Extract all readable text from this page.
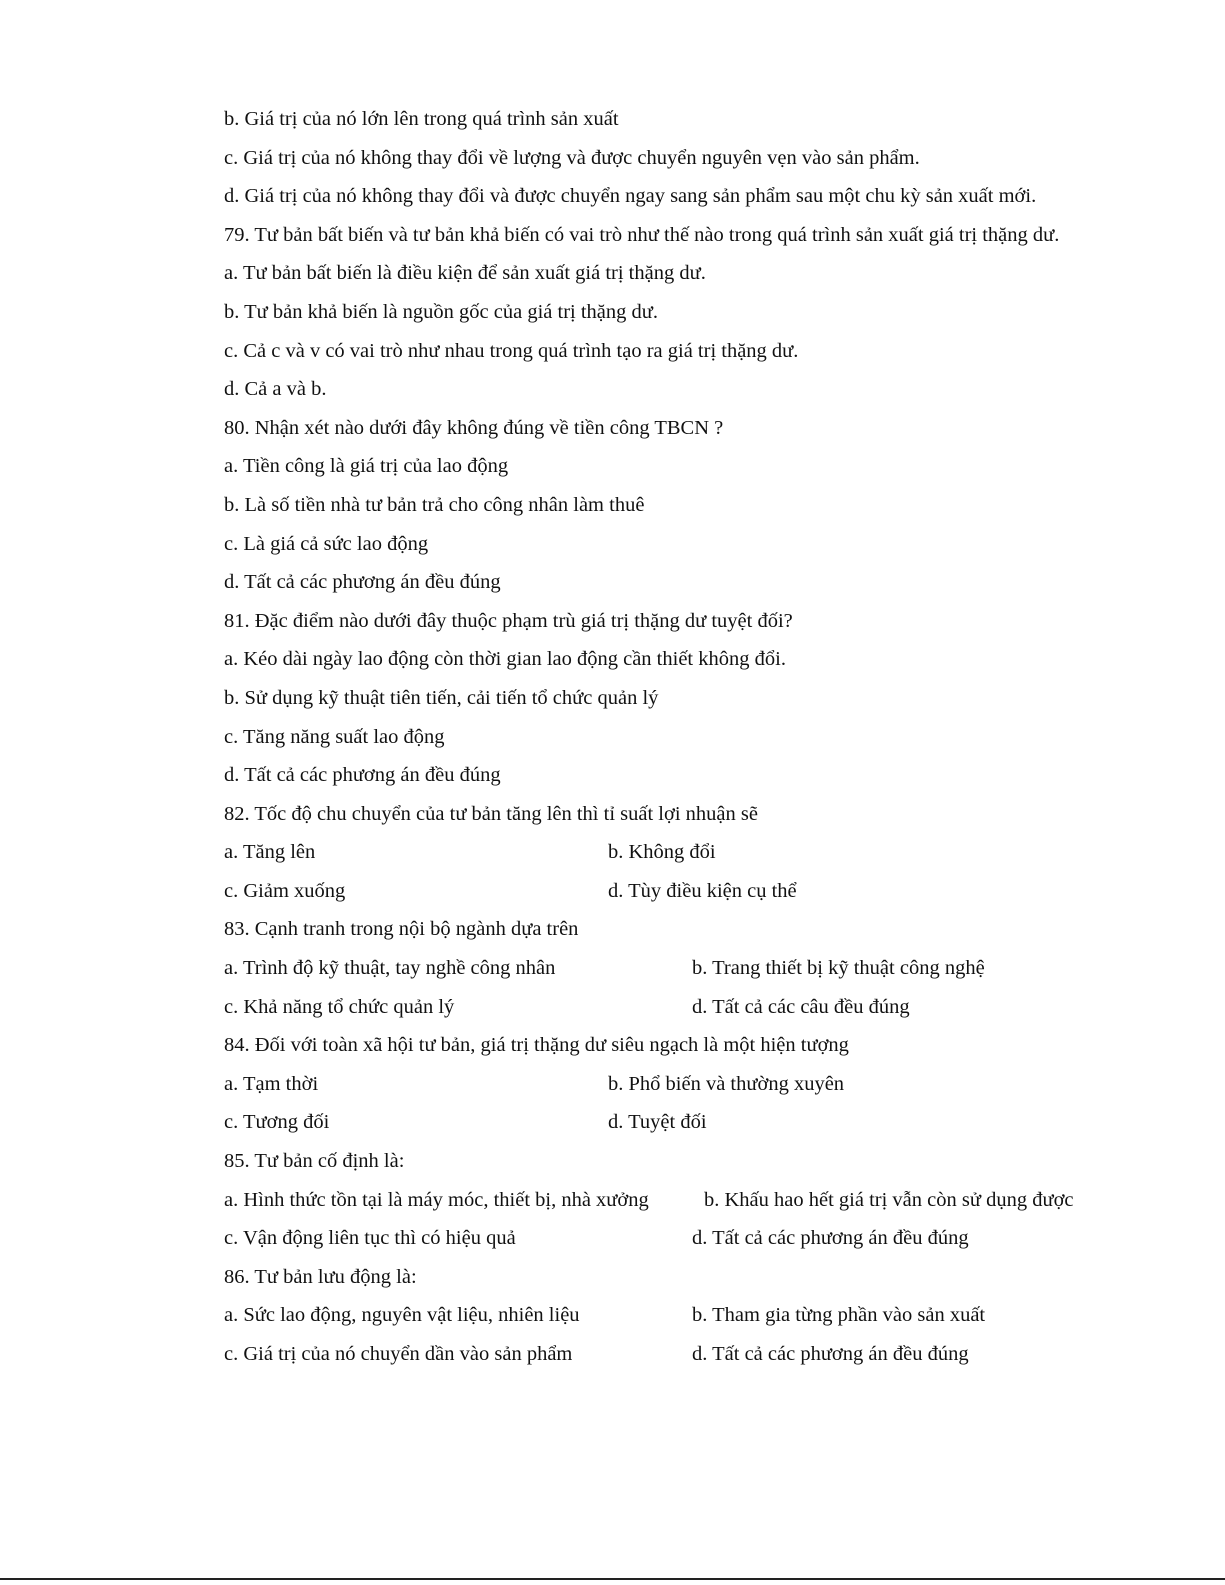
b. Giá trị của nó lớn lên trong quá trình sản xuất
c. Giá trị của nó không thay đổi về lượng và được chuyển nguyên vẹn vào sản phẩm.
d. Giá trị của nó không thay đổi và được chuyển ngay sang sản phẩm sau một chu kỳ sản xuất mới.
79. Tư bản bất biến và tư bản khả biến có vai trò như thế nào trong quá trình sản xuất giá trị thặng dư.
a. Tư bản bất biến là điều kiện để sản xuất giá trị thặng dư.
b. Tư bản khả biến là nguồn gốc của giá trị thặng dư.
c. Cả c và v có vai trò như nhau trong quá trình tạo ra giá trị thặng dư.
d. Cả a và b.
80. Nhận xét nào dưới đây không đúng về tiền công TBCN ?
a. Tiền công là giá trị của lao động
b. Là số tiền nhà tư bản trả cho công nhân làm thuê
c. Là giá cả sức lao động
d. Tất cả các phương án đều đúng
81. Đặc điểm nào dưới đây thuộc phạm trù giá trị thặng dư tuyệt đối?
a. Kéo dài ngày lao động còn thời gian lao động cần thiết không đổi.
b. Sử dụng kỹ thuật tiên tiến, cải tiến tổ chức quản lý
c. Tăng năng suất lao động
d. Tất cả các phương án đều đúng
82. Tốc độ chu chuyển của tư bản tăng lên thì tỉ suất lợi nhuận sẽ
a. Tăng lên	b. Không đổi
c. Giảm xuống	d. Tùy điều kiện cụ thể
83. Cạnh tranh trong nội bộ ngành dựa trên
a. Trình độ kỹ thuật, tay nghề công nhân	b. Trang thiết bị kỹ thuật công nghệ
c. Khả năng tổ chức quản lý	d. Tất cả các câu đều đúng
84. Đối với toàn xã hội tư bản, giá trị thặng dư siêu ngạch là một hiện tượng
a. Tạm thời	b. Phổ biến và thường xuyên
c. Tương đối	d. Tuyệt đối
85. Tư bản cố định là:
a. Hình thức tồn tại là máy móc, thiết bị, nhà xưởng	b. Khấu hao hết giá trị vẫn còn sử dụng được
c. Vận động liên tục thì có hiệu quả	d. Tất cả các phương án đều đúng
86. Tư bản lưu động là:
a. Sức lao động, nguyên vật liệu, nhiên liệu	b. Tham gia từng phần vào sản xuất
c. Giá trị của nó chuyển dần vào sản phẩm	d. Tất cả các phương án đều đúng
